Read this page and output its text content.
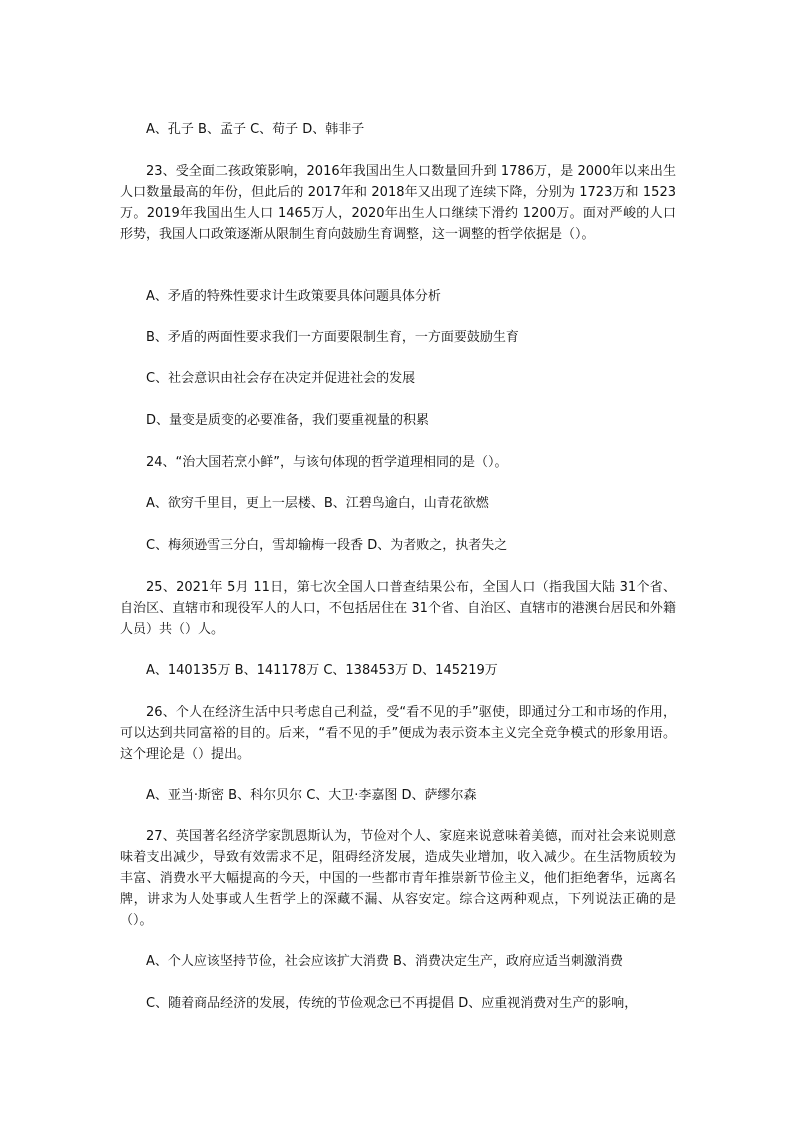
A、孔子 B、孟子 C、荀子 D、韩非子
23、受全面二孩政策影响，2016年我国出生人口数量回升到 1786万，是 2000年以来出生人口数量最高的年份，但此后的 2017年和 2018年又出现了连续下降，分别为 1723万和 1523万。2019年我国出生人口 1465万人，2020年出生人口继续下滑约 1200万。面对严峻的人口形势，我国人口政策逐渐从限制生育向鼓励生育调整，这一调整的哲学依据是（）。
A、矛盾的特殊性要求计生政策要具体问题具体分析
B、矛盾的两面性要求我们一方面要限制生育，一方面要鼓励生育
C、社会意识由社会存在决定并促进社会的发展
D、量变是质变的必要准备，我们要重视量的积累
24、“治大国若烹小鲜”，与该句体现的哲学道理相同的是（）。
A、欲穷千里目，更上一层楼、B、江碧鸟逾白，山青花欲燃
C、梅须逊雪三分白，雪却输梅一段香 D、为者败之，执者失之
25、2021年 5月 11日，第七次全国人口普查结果公布，全国人口（指我国大陆 31个省、自治区、直辖市和现役军人的人口，不包括居住在 31个省、自治区、直辖市的港澳台居民和外籍人员）共（）人。
A、140135万 B、141178万 C、138453万 D、145219万
26、个人在经济生活中只考虑自己利益，受“看不见的手”驱使，即通过分工和市场的作用，可以达到共同富裕的目的。后来，“看不见的手”便成为表示资本主义完全竞争模式的形象用语。这个理论是（）提出。
A、亚当·斯密 B、科尔贝尔 C、大卫·李嘉图 D、萨缪尔森
27、英国著名经济学家凯恩斯认为，节俭对个人、家庭来说意味着美德，而对社会来说则意味着支出减少，导致有效需求不足，阻碍经济发展，造成失业增加，收入减少。在生活物质较为丰富、消费水平大幅提高的今天，中国的一些都市青年推崇新节俭主义，他们拒绝奢华，远离名牌，讲求为人处事或人生哲学上的深藏不漏、从容安定。综合这两种观点，下列说法正确的是（）。
A、个人应该坚持节俭，社会应该扩大消费 B、消费决定生产，政府应适当刺激消费
C、随着商品经济的发展，传统的节俭观念已不再提倡 D、应重视消费对生产的影响，
